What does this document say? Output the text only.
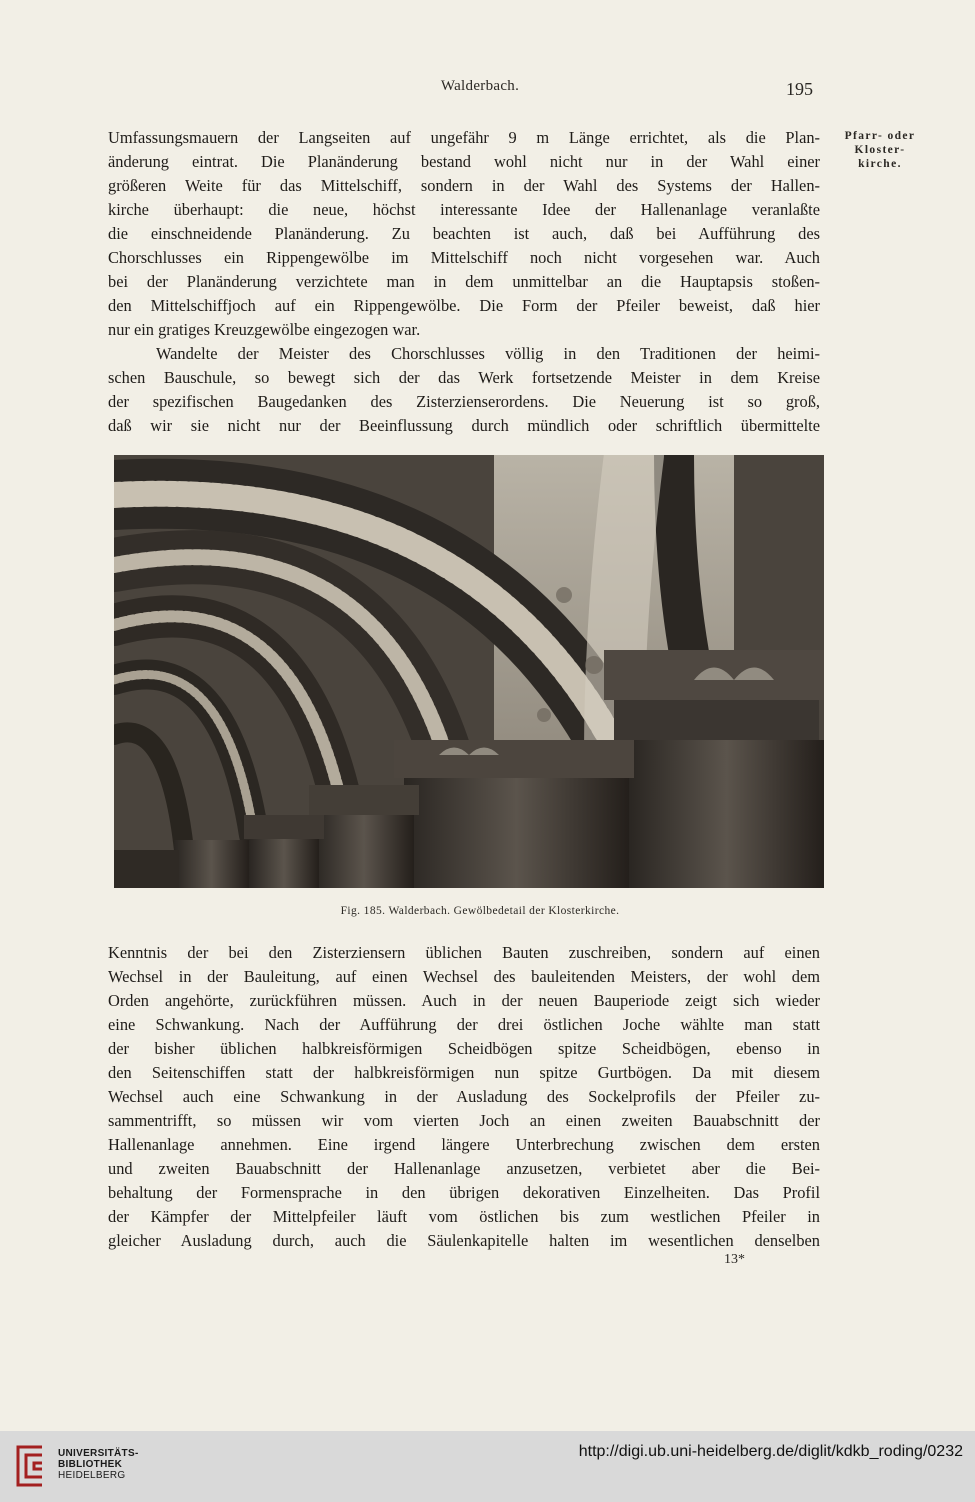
Walderbach.	195
Pfarr- oder
Kloster-
kirche.
Umfassungsmauern der Langseiten auf ungefähr 9 m Länge errichtet, als die Plan-
änderung eintrat. Die Planänderung bestand wohl nicht nur in der Wahl einer
größeren Weite für das Mittelschiff, sondern in der Wahl des Systems der Hallen-
kirche überhaupt: die neue, höchst interessante Idee der Hallenanlage veranlaßte
die einschneidende Planänderung. Zu beachten ist auch, daß bei Aufführung des
Chorschlusses ein Rippengewölbe im Mittelschiff noch nicht vorgesehen war. Auch
bei der Planänderung verzichtete man in dem unmittelbar an die Hauptapsis stoßen-
den Mittelschiffjoch auf ein Rippengewölbe. Die Form der Pfeiler beweist, daß hier
nur ein gratiges Kreuzgewölbe eingezogen war.
Wandelte der Meister des Chorschlusses völlig in den Traditionen der heimi-
schen Bauschule, so bewegt sich der das Werk fortsetzende Meister in dem Kreise
der spezifischen Baugedanken des Zisterzienserordens. Die Neuerung ist so groß,
daß wir sie nicht nur der Beeinflussung durch mündlich oder schriftlich übermittelte
Fig. 185. Walderbach. Gewölbedetail der Klosterkirche.
Kenntnis der bei den Zisterziensern üblichen Bauten zuschreiben, sondern auf einen
Wechsel in der Bauleitung, auf einen Wechsel des bauleitenden Meisters, der wohl dem
Orden angehörte, zurückführen müssen. Auch in der neuen Bauperiode zeigt sich wieder
eine Schwankung. Nach der Aufführung der drei östlichen Joche wählte man statt
der bisher üblichen halbkreisförmigen Scheidbögen spitze Scheidbögen, ebenso in
den Seitenschiffen statt der halbkreisförmigen nun spitze Gurtbögen. Da mit diesem
Wechsel auch eine Schwankung in der Ausladung des Sockelprofils der Pfeiler zu-
sammentrifft, so müssen wir vom vierten Joch an einen zweiten Bauabschnitt der
Hallenanlage annehmen. Eine irgend längere Unterbrechung zwischen dem ersten
und zweiten Bauabschnitt der Hallenanlage anzusetzen, verbietet aber die Bei-
behaltung der Formensprache in den übrigen dekorativen Einzelheiten. Das Profil
der Kämpfer der Mittelpfeiler läuft vom östlichen bis zum westlichen Pfeiler in
gleicher Ausladung durch, auch die Säulenkapitelle halten im wesentlichen denselben
13*
UNIVERSITÄTS-
BIBLIOTHEK
HEIDELBERG
http://digi.ub.uni-heidelberg.de/diglit/kdkb_roding/0232
